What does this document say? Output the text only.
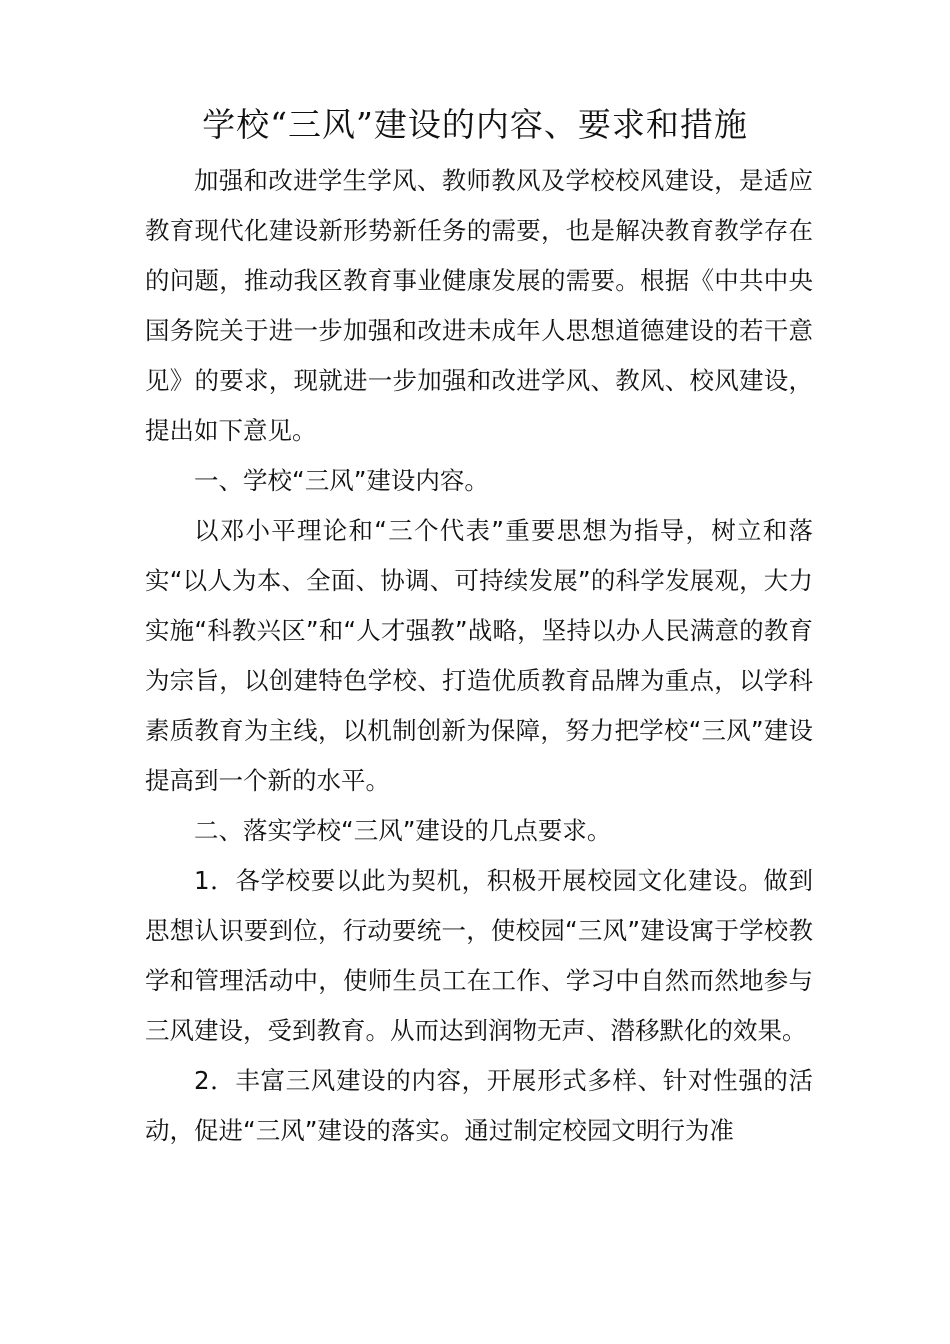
学校“三风”建设的内容、要求和措施

加强和改进学生学风、教师教风及学校校风建设，是适应教育现代化建设新形势新任务的需要，也是解决教育教学存在的问题，推动我区教育事业健康发展的需要。根据《中共中央国务院关于进一步加强和改进未成年人思想道德建设的若干意见》的要求，现就进一步加强和改进学风、教风、校风建设，提出如下意见。

一、学校“三风”建设内容。

以邓小平理论和“三个代表”重要思想为指导，树立和落实“以人为本、全面、协调、可持续发展”的科学发展观，大力实施“科教兴区”和“人才强教”战略，坚持以办人民满意的教育为宗旨，以创建特色学校、打造优质教育品牌为重点，以学科素质教育为主线，以机制创新为保障，努力把学校“三风”建设提高到一个新的水平。

二、落实学校“三风”建设的几点要求。

1．各学校要以此为契机，积极开展校园文化建设。做到思想认识要到位，行动要统一，使校园“三风”建设寓于学校教学和管理活动中，使师生员工在工作、学习中自然而然地参与三风建设，受到教育。从而达到润物无声、潜移默化的效果。

2．丰富三风建设的内容，开展形式多样、针对性强的活动，促进“三风”建设的落实。通过制定校园文明行为准
